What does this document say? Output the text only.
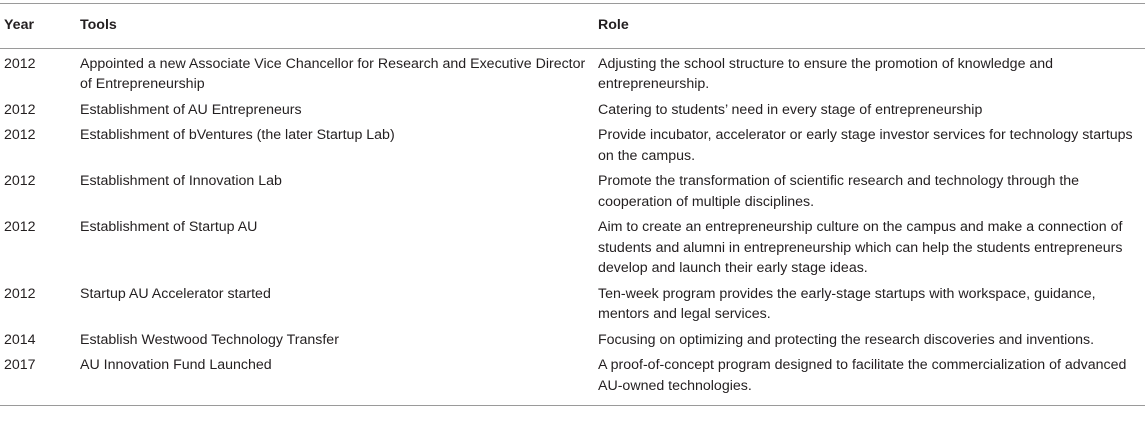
Year	Tools	Role
2012	Appointed a new Associate Vice Chancellor for Research and Executive Director of Entrepreneurship	Adjusting the school structure to ensure the promotion of knowledge and entrepreneurship.
2012	Establishment of AU Entrepreneurs	Catering to students’ need in every stage of entrepreneurship
2012	Establishment of bVentures (the later Startup Lab)	Provide incubator, accelerator or early stage investor services for technology startups on the campus.
2012	Establishment of Innovation Lab	Promote the transformation of scientific research and technology through the cooperation of multiple disciplines.
2012	Establishment of Startup AU	Aim to create an entrepreneurship culture on the campus and make a connection of students and alumni in entrepreneurship which can help the students entrepreneurs develop and launch their early stage ideas.
2012	Startup AU Accelerator started	Ten-week program provides the early-stage startups with workspace, guidance, mentors and legal services.
2014	Establish Westwood Technology Transfer	Focusing on optimizing and protecting the research discoveries and inventions.
2017	AU Innovation Fund Launched	A proof-of-concept program designed to facilitate the commercialization of advanced AU-owned technologies.
